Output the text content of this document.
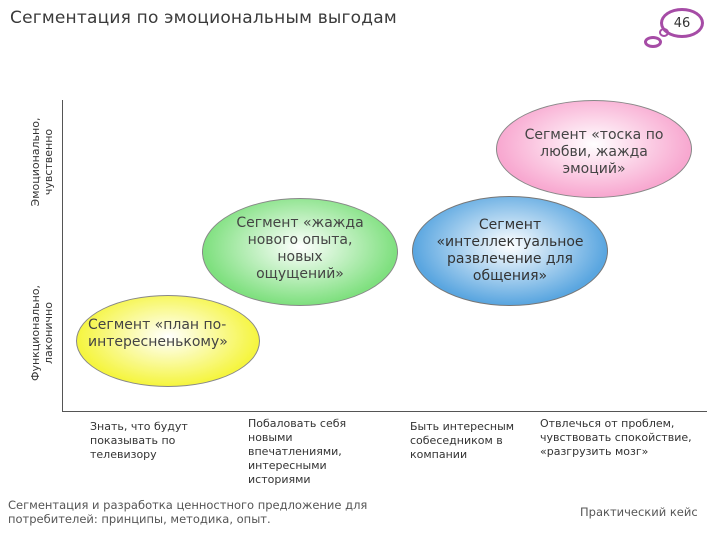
Сегментация по эмоциональным выгодам	46
Эмоционально, чувственно
Функционально, лаконично
Сегмент «тоска по любви, жажда эмоций»
Сегмент «интеллектуальное развлечение для общения»
Сегмент «жажда нового опыта, новых ощущений»
Сегмент «план по-интересненькому»
Знать, что будут показывать по телевизору
Побаловать себя новыми впечатлениями, интересными историями
Быть интересным собеседником в компании
Отвлечься от проблем, чувствовать спокойствие, «разгрузить мозг»
Сегментация и разработка ценностного предложение для потребителей: принципы, методика, опыт.	Практический кейс
